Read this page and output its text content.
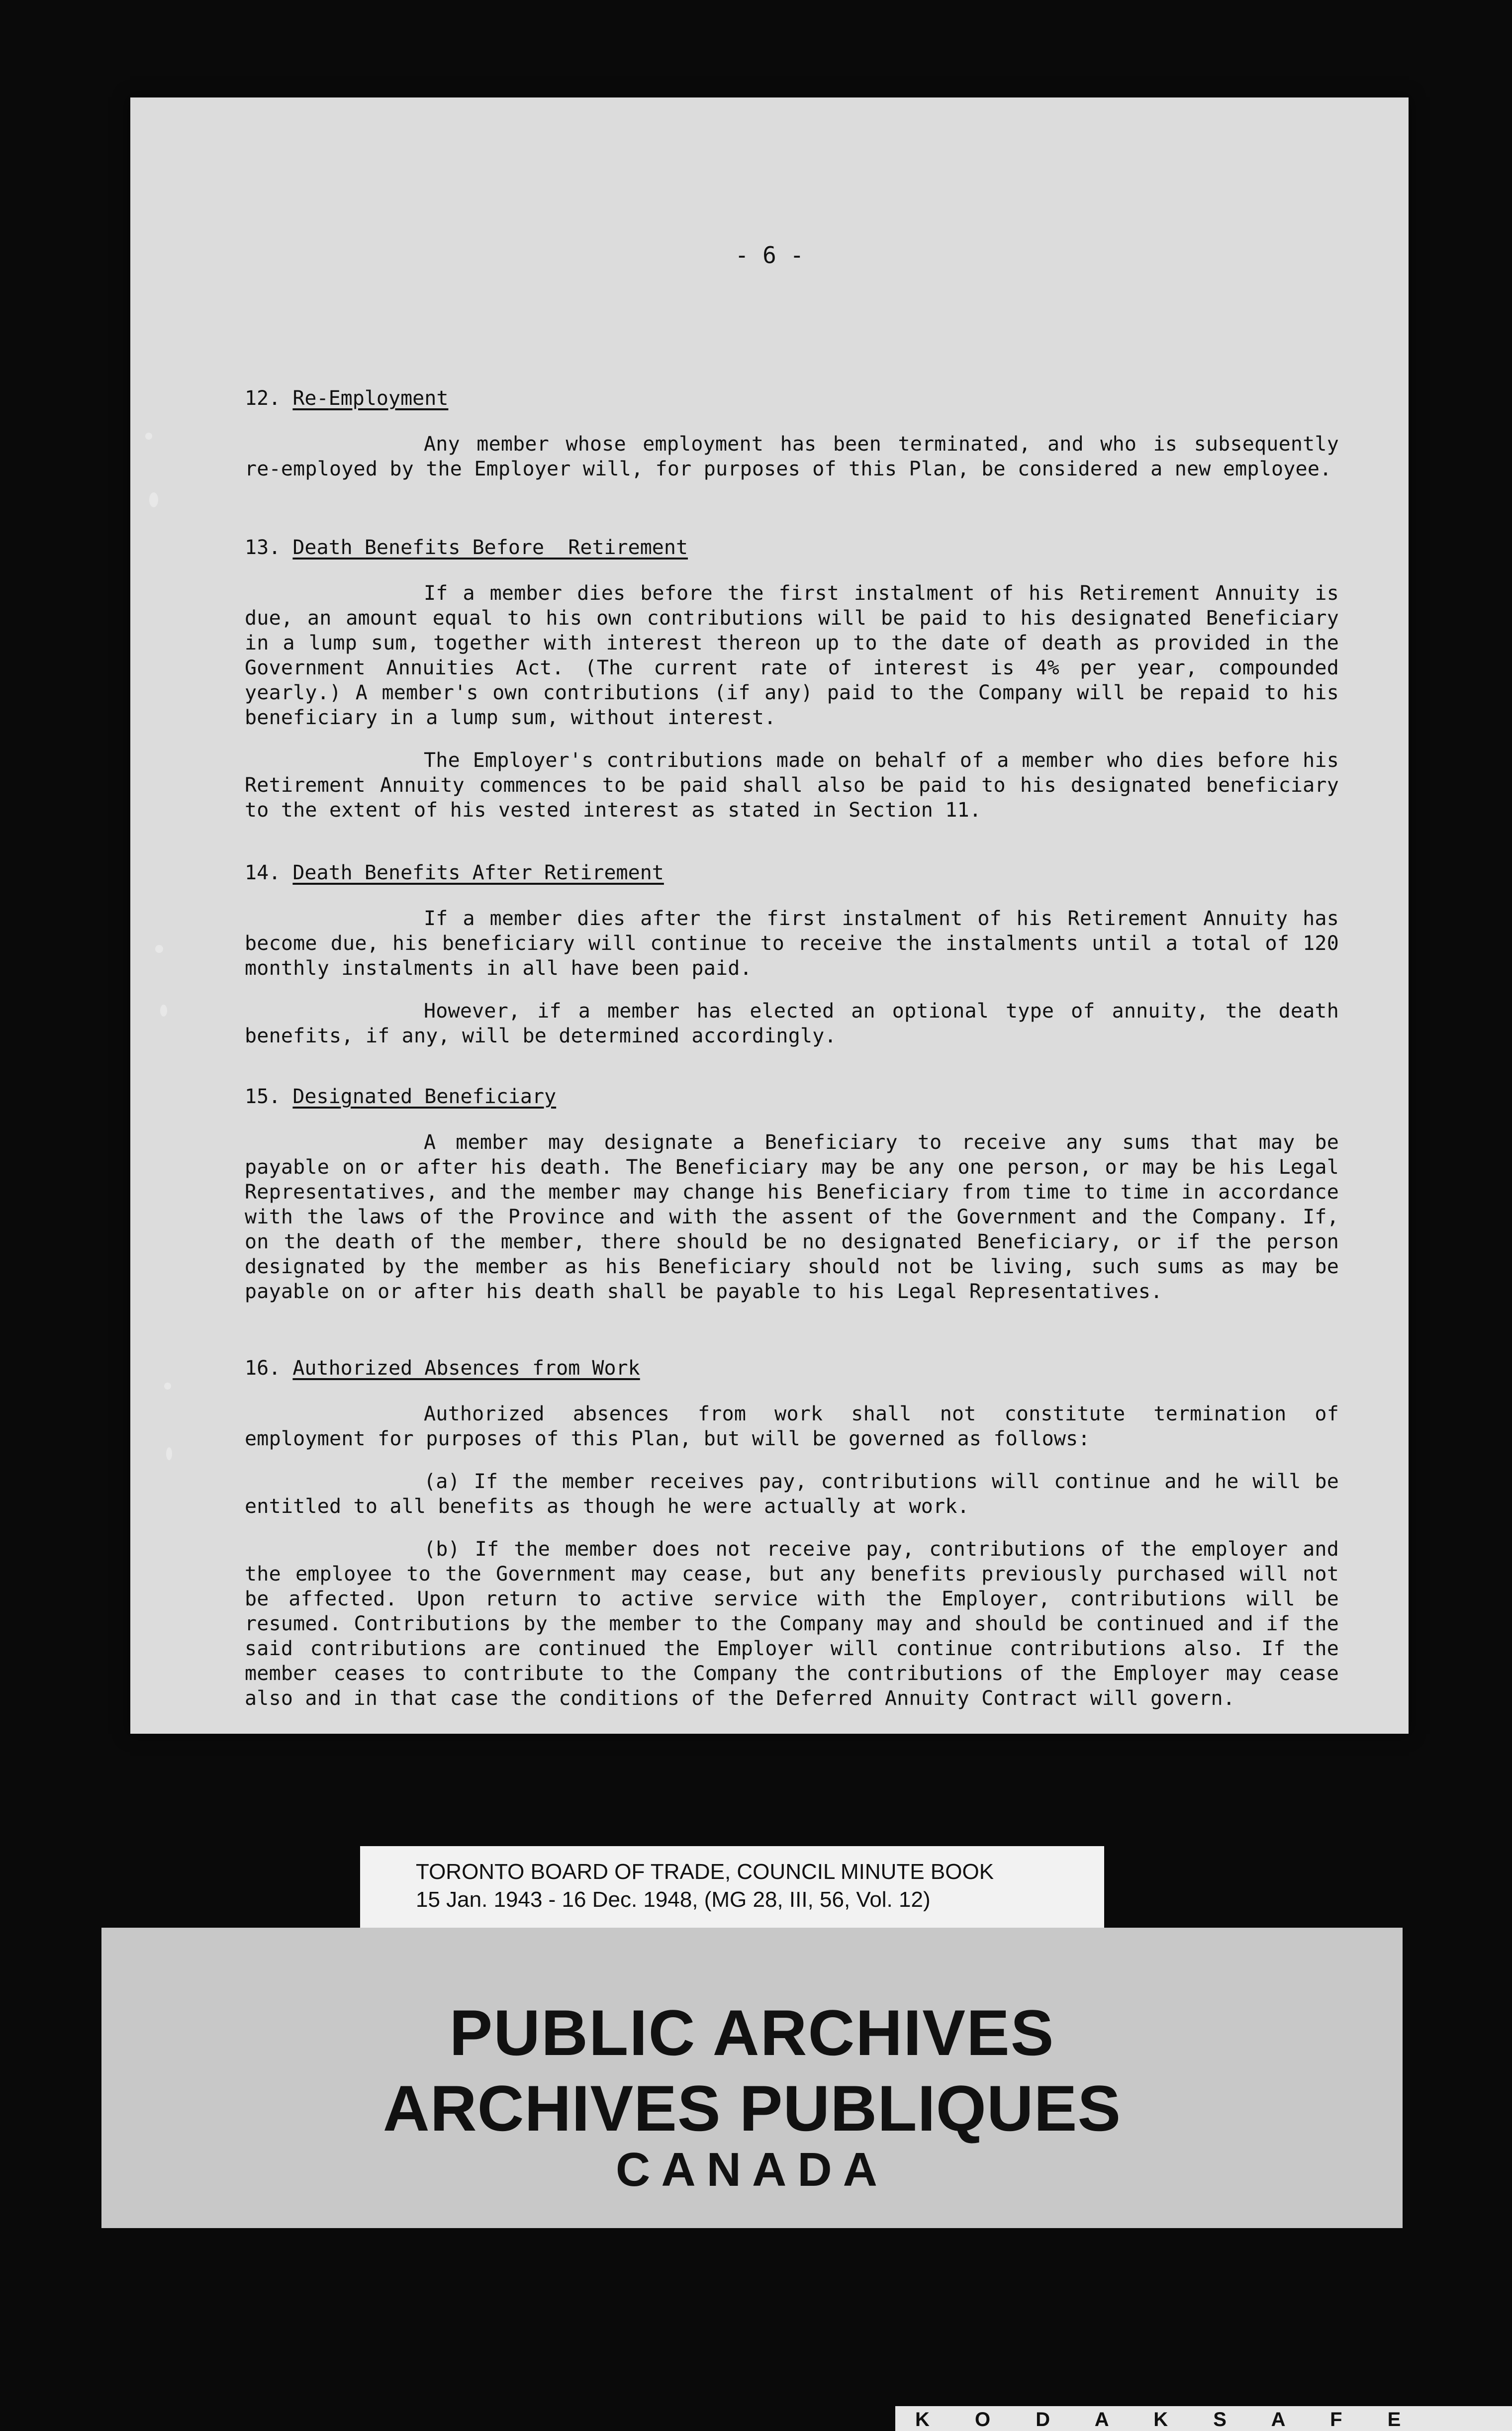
- 6 -
12. Re-Employment

Any member whose employment has been terminated, and who is subsequently re-employed by the Employer will, for purposes of this Plan, be considered a new employee.

13. Death Benefits Before  Retirement

If a member dies before the first instalment of his Retirement Annuity is due, an amount equal to his own contributions will be paid to his designated Beneficiary in a lump sum, together with interest thereon up to the date of death as provided in the Government Annuities Act. (The current rate of interest is 4% per year, compounded yearly.) A member's own contributions (if any) paid to the Company will be repaid to his beneficiary in a lump sum, without interest.

The Employer's contributions made on behalf of a member who dies before his Retirement Annuity commences to be paid shall also be paid to his designated beneficiary to the extent of his vested interest as stated in Section 11.

14. Death Benefits After Retirement

If a member dies after the first instalment of his Retirement Annuity has become due, his beneficiary will continue to receive the instalments until a total of 120 monthly instalments in all have been paid.

However, if a member has elected an optional type of annuity, the death benefits, if any, will be determined accordingly.

15. Designated Beneficiary

A member may designate a Beneficiary to receive any sums that may be payable on or after his death. The Beneficiary may be any one person, or may be his Legal Representatives, and the member may change his Beneficiary from time to time in accordance with the laws of the Province and with the assent of the Government and the Company. If, on the death of the member, there should be no designated Beneficiary, or if the person designated by the member as his Beneficiary should not be living, such sums as may be payable on or after his death shall be payable to his Legal Representatives.

16. Authorized Absences from Work

Authorized absences from work shall not constitute termination of employment for purposes of this Plan, but will be governed as follows:

(a) If the member receives pay, contributions will continue and he will be entitled to all benefits as though he were actually at work.

(b) If the member does not receive pay, contributions of the employer and the employee to the Government may cease, but any benefits previously purchased will not be affected. Upon return to active service with the Employer, contributions will be resumed. Contributions by the member to the Company may and should be continued and if the said contributions are continued the Employer will continue contributions also. If the member ceases to contribute to the Company the contributions of the Employer may cease also and in that case the conditions of the Deferred Annuity Contract will govern.

TORONTO BOARD OF TRADE, COUNCIL MINUTE BOOK
15 Jan. 1943 - 16 Dec. 1948, (MG 28, III, 56, Vol. 12)
PUBLIC ARCHIVES
ARCHIVES PUBLIQUES
CANADA
K O D A K S A F E
